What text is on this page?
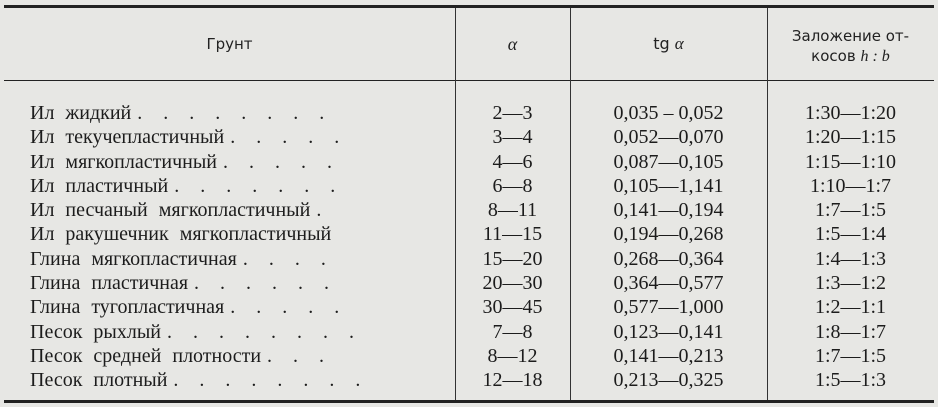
Грунт	α	tg α	Заложение от-
косов h : b
Ил жидкий . . . . . . . .	2—3	0,035 – 0,052	1:30—1:20
Ил текучепластичный . . . . .	3—4	0,052—0,070	1:20—1:15
Ил мягкопластичный . . . . .	4—6	0,087—0,105	1:15—1:10
Ил пластичный . . . . . . .	6—8	0,105—1,141	1:10—1:7
Ил песчаный мягкопластичный .	8—11	0,141—0,194	1:7—1:5
Ил ракушечник мягкопластичный	11—15	0,194—0,268	1:5—1:4
Глина мягкопластичная . . . .	15—20	0,268—0,364	1:4—1:3
Глина пластичная . . . . . .	20—30	0,364—0,577	1:3—1:2
Глина тугопластичная . . . . .	30—45	0,577—1,000	1:2—1:1
Песок рыхлый . . . . . . . .	7—8	0,123—0,141	1:8—1:7
Песок средней плотности . . .	8—12	0,141—0,213	1:7—1:5
Песок плотный . . . . . . . .	12—18	0,213—0,325	1:5—1:3
